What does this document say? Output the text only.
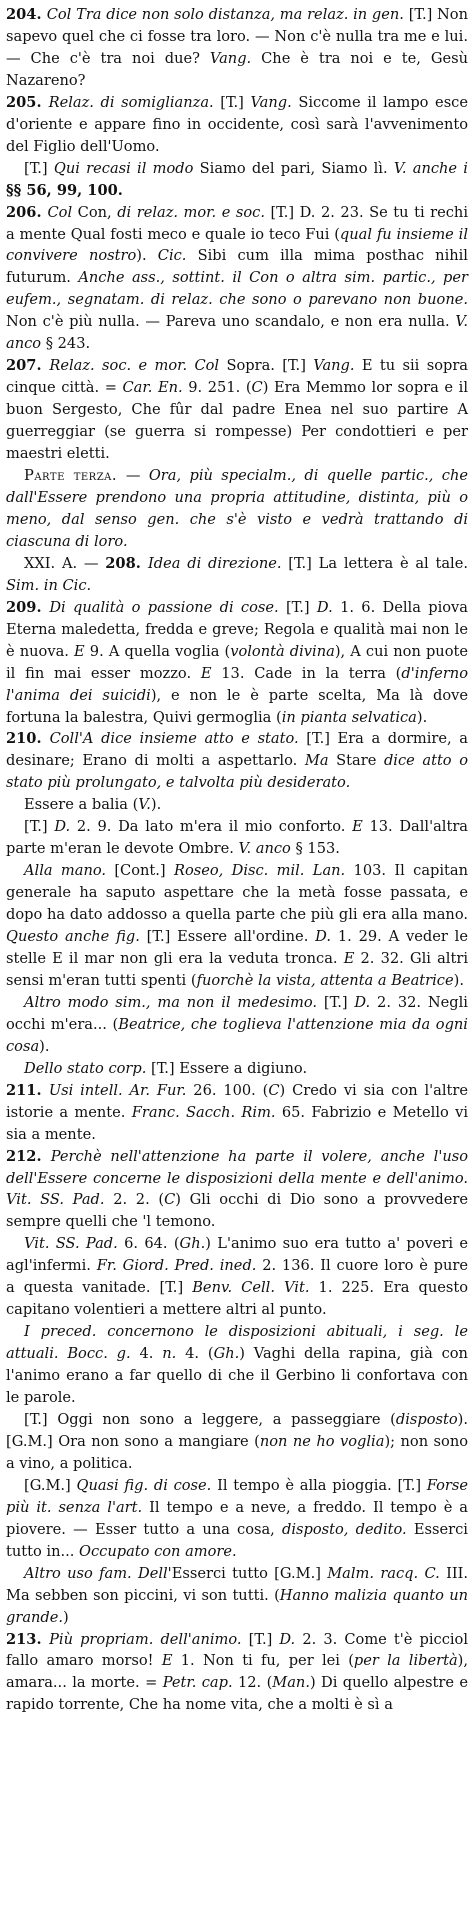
204. Col Tra dice non solo distanza, ma relaz. in gen. [T.] Non sapevo quel che ci fosse tra loro. — Non c'è nulla tra me e lui. — Che c'è tra noi due? Vang. Che è tra noi e te, Gesù Nazareno?

205. Relaz. di somiglianza. [T.] Vang. Siccome il lampo esce d'oriente e appare fino in occidente, così sarà l'avvenimento del Figlio dell'Uomo.

[T.] Qui recasi il modo Siamo del pari, Siamo lì. V. anche i §§ 56, 99, 100.

206. Col Con, di relaz. mor. e soc. [T.] D. 2. 23. Se tu ti rechi a mente Qual fosti meco e quale io teco Fui (qual fu insieme il convivere nostro). Cic. Sibi cum illa mima posthac nihil futurum. Anche ass., sottint. il Con o altra sim. partic., per eufem., segnatam. di relaz. che sono o parevano non buone. Non c'è più nulla. — Pareva uno scandalo, e non era nulla. V. anco § 243.

207. Relaz. soc. e mor. Col Sopra. [T.] Vang. E tu sii sopra cinque città. = Car. En. 9. 251. (C) Era Memmo lor sopra e il buon Sergesto, Che fûr dal padre Enea nel suo partire A guerreggiar (se guerra si rompesse) Per condottieri e per maestri eletti.

Parte terza. — Ora, più specialm., di quelle partic., che dall'Essere prendono una propria attitudine, distinta, più o meno, dal senso gen. che s'è visto e vedrà trattando di ciascuna di loro.

XXI. A. — 208. Idea di direzione. [T.] La lettera è al tale. Sim. in Cic.

209. Di qualità o passione di cose. [T.] D. 1. 6. Della piova Eterna maledetta, fredda e greve; Regola e qualità mai non le è nuova. E 9. A quella voglia (volontà divina), A cui non puote il fin mai esser mozzo. E 13. Cade in la terra (d'inferno l'anima dei suicidi), e non le è parte scelta, Ma là dove fortuna la balestra, Quivi germoglia (in pianta selvatica).

210. Coll'A dice insieme atto e stato. [T.] Era a dormire, a desinare; Erano di molti a aspettarlo. Ma Stare dice atto o stato più prolungato, e talvolta più desiderato.

Essere a balia (V.).

[T.] D. 2. 9. Da lato m'era il mio conforto. E 13. Dall'altra parte m'eran le devote Ombre. V. anco § 153.

Alla mano. [Cont.] Roseo, Disc. mil. Lan. 103. Il capitan generale ha saputo aspettare che la metà fosse passata, e dopo ha dato addosso a quella parte che più gli era alla mano. Questo anche fig. [T.] Essere all'ordine. D. 1. 29. A veder le stelle E il mar non gli era la veduta tronca. E 2. 32. Gli altri sensi m'eran tutti spenti (fuorchè la vista, attenta a Beatrice).

Altro modo sim., ma non il medesimo. [T.] D. 2. 32. Negli occhi m'era... (Beatrice, che toglieva l'attenzione mia da ogni cosa).

Dello stato corp. [T.] Essere a digiuno.

211. Usi intell. Ar. Fur. 26. 100. (C) Credo vi sia con l'altre istorie a mente. Franc. Sacch. Rim. 65. Fabrizio e Metello vi sia a mente.

212. Perchè nell'attenzione ha parte il volere, anche l'uso dell'Essere concerne le disposizioni della mente e dell'animo. Vit. SS. Pad. 2. 2. (C) Gli occhi di Dio sono a provvedere sempre quelli che 'l temono.

Vit. SS. Pad. 6. 64. (Gh.) L'animo suo era tutto a' poveri e agl'infermi. Fr. Giord. Pred. ined. 2. 136. Il cuore loro è pure a questa vanitade. [T.] Benv. Cell. Vit. 1. 225. Era questo capitano volentieri a mettere altri al punto.

I preced. concernono le disposizioni abituali, i seg. le attuali. Bocc. g. 4. n. 4. (Gh.) Vaghi della rapina, già con l'animo erano a far quello di che il Gerbino li confortava con le parole.

[T.] Oggi non sono a leggere, a passeggiare (disposto). [G.M.] Ora non sono a mangiare (non ne ho voglia); non sono a vino, a politica.

[G.M.] Quasi fig. di cose. Il tempo è alla pioggia. [T.] Forse più it. senza l'art. Il tempo e a neve, a freddo. Il tempo è a piovere. — Esser tutto a una cosa, disposto, dedito. Esserci tutto in... Occupato con amore.

Altro uso fam. Dell'Esserci tutto [G.M.] Malm. racq. C. III. Ma sebben son piccini, vi son tutti. (Hanno malizia quanto un grande.)

213. Più propriam. dell'animo. [T.] D. 2. 3. Come t'è picciol fallo amaro morso! E 1. Non ti fu, per lei (per la libertà), amara... la morte. = Petr. cap. 12. (Man.) Di quello alpestre e rapido torrente, Che ha nome vita, che a molti è sì a
